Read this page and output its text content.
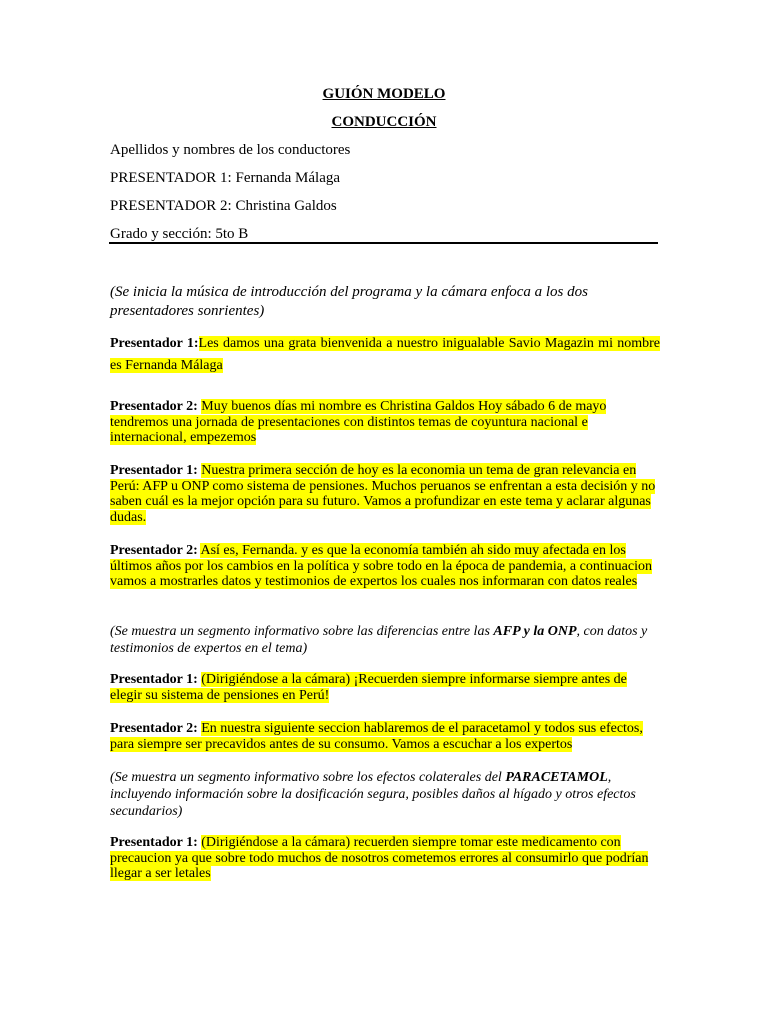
GUIÓN MODELO
CONDUCCIÓN
Apellidos y nombres de los conductores
PRESENTADOR 1: Fernanda Málaga
PRESENTADOR 2: Christina Galdos
Grado y sección: 5to B
(Se inicia la música de introducción del programa y la cámara enfoca a los dos presentadores sonrientes)

Presentador 1:Les damos una grata bienvenida a nuestro inigualable Savio Magazin mi nombre es Fernanda Málaga

Presentador 2: Muy buenos días mi nombre es Christina Galdos Hoy sábado 6 de mayo tendremos una jornada de presentaciones con distintos temas de coyuntura nacional e internacional, empezemos

Presentador 1: Nuestra primera sección de hoy es la economia un tema de gran relevancia en Perú: AFP u ONP como sistema de pensiones. Muchos peruanos se enfrentan a esta decisión y no saben cuál es la mejor opción para su futuro. Vamos a profundizar en este tema y aclarar algunas dudas.

Presentador 2: Así es, Fernanda. y es que la economía también ah sido muy afectada en los últimos años por los cambios en la política y sobre todo en la época de pandemia, a continuacion vamos a mostrarles datos y testimonios de expertos los cuales nos informaran con datos reales

(Se muestra un segmento informativo sobre las diferencias entre las AFP y la ONP, con datos y testimonios de expertos en el tema)

Presentador 1: (Dirigiéndose a la cámara) ¡Recuerden siempre informarse siempre antes de elegir su sistema de pensiones en Perú!

Presentador 2: En nuestra siguiente seccion hablaremos de el paracetamol y todos sus efectos, para siempre ser precavidos antes de su consumo. Vamos a escuchar a los expertos

(Se muestra un segmento informativo sobre los efectos colaterales del PARACETAMOL, incluyendo información sobre la dosificación segura, posibles daños al hígado y otros efectos secundarios)

Presentador 1: (Dirigiéndose a la cámara) recuerden siempre tomar este medicamento con precaucion ya que sobre todo muchos de nosotros cometemos errores al consumirlo que podrían llegar a ser letales
